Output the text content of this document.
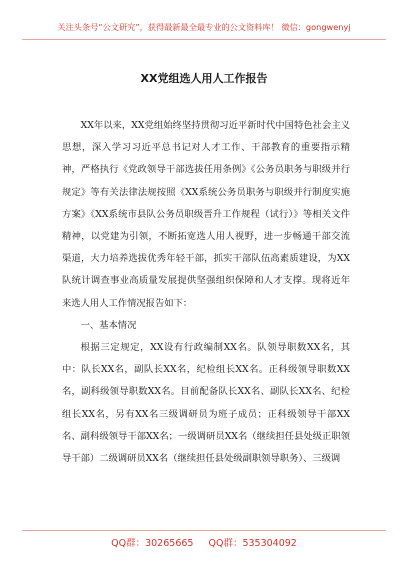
关注头条号“公文研究”，获得最新最全最专业的公文资料库！ 微信：gongwenyj
XX党组选人用人工作报告

XX年以来，XX党组始终坚持贯彻习近平新时代中国特色社会主义思想，深入学习习近平总书记对人才工作、干部教育的重要指示精神，严格执行《党政领导干部选拔任用条例》《公务员职务与职级并行规定》等有关法律法规按照《XX系统公务员职务与职级并行制度实施方案》《XX系统市县队公务员职级晋升工作规程（试行）》等相关文件精神，以党建为引领，不断拓宽选人用人视野，进一步畅通干部交流渠道，大力培养选拔优秀年轻干部，抓实干部队伍高素质建设，为XX队统计调查事业高质量发展提供坚强组织保障和人才支撑。现将近年来选人用人工作情况报告如下：

一、基本情况

根据三定规定，XX设有行政编制XX名。队领导职数XX名，其中：队长XX名，副队长XX名，纪检组长XX名。正科级领导职数XX名，副科级领导职数XX名。目前配备队长XX名、副队长XX名、纪检组长XX名，另有XX名三级调研员为班子成员；正科级领导干部XX名、副科级领导干部XX名；一级调研员XX名（继续担任县处级正职领导干部）二级调研员XX名（继续担任县处级副职领导职务）、三级调

QQ群：30265665 QQ群：535304092
